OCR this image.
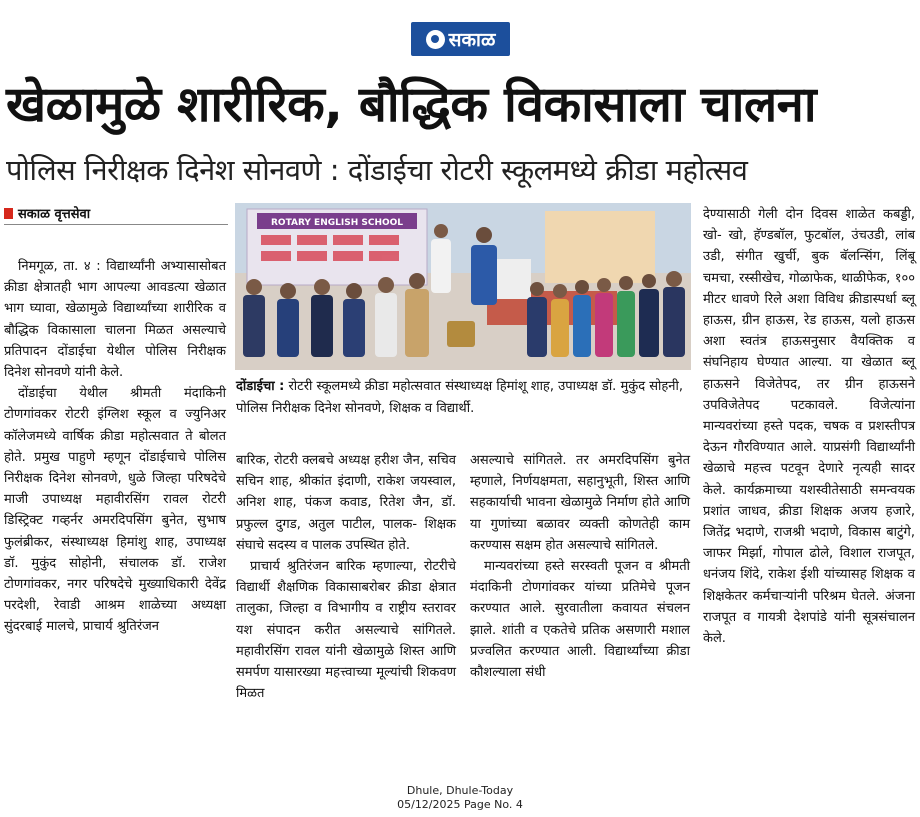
सकाळ
खेळामुळे शारीरिक, बौद्धिक विकासाला चालना
पोलिस निरीक्षक दिनेश सोनवणे : दोंडाईचा रोटरी स्कूलमध्ये क्रीडा महोत्सव
सकाळ वृत्तसेवा

निमगूळ, ता. ४ : विद्यार्थ्यांनी अभ्यासासोबत क्रीडा क्षेत्रातही भाग आपल्या आवडत्या खेळात भाग घ्यावा, खेळामुळे विद्यार्थ्यांच्या शारीरिक व बौद्धिक विकासाला चालना मिळत असल्याचे प्रतिपादन दोंडाईचा येथील पोलिस निरीक्षक दिनेश सोनवणे यांनी केले.

दोंडाईचा येथील श्रीमती मंदाकिनी टोणगांवकर रोटरी इंग्लिश स्कूल व ज्युनिअर कॉलेजमध्ये वार्षिक क्रीडा महोत्सवात ते बोलत होते. प्रमुख पाहुणे म्हणून दोंडाईचाचे पोलिस निरीक्षक दिनेश सोनवणे, धुळे जिल्हा परिषदेचे माजी उपाध्यक्ष महावीरसिंग रावल रोटरी डिस्ट्रिक्ट गव्हर्नर अमरदिपसिंग बुनेत, सुभाष फुलंब्रीकर, संस्थाध्यक्ष हिमांशु शाह, उपाध्यक्ष डॉ. मुकुंद सोहोनी, संचालक डॉ. राजेश टोणगांवकर, नगर परिषदेचे मुख्याधिकारी देवेंद्र परदेशी, रेवाडी आश्रम शाळेच्या अध्यक्षा सुंदरबाई मालचे, प्राचार्य श्रुतिरंजन

ROTARY ENGLISH SCHOOL
दोंडाईचा : रोटरी स्कूलमध्ये क्रीडा महोत्सवात संस्थाध्यक्ष हिमांशू शाह, उपाध्यक्ष डॉ. मुकुंद सोहनी, पोलिस निरीक्षक दिनेश सोनवणे, शिक्षक व विद्यार्थी.

बारिक, रोटरी क्लबचे अध्यक्ष हरीश जैन, सचिव सचिन शाह, श्रीकांत इंदाणी, राकेश जयस्वाल, अनिश शाह, पंकज कवाड, रितेश जैन, डॉ. प्रफुल्ल दुगड, अतुल पाटील, पालक- शिक्षक संघाचे सदस्य व पालक उपस्थित होते.

प्राचार्य श्रुतिरंजन बारिक म्हणाल्या, रोटरीचे विद्यार्थी शैक्षणिक विकासाबरोबर क्रीडा क्षेत्रात तालुका, जिल्हा व विभागीय व राष्ट्रीय स्तरावर यश संपादन करीत असल्याचे सांगितले. महावीरसिंग रावल यांनी खेळामुळे शिस्त आणि समर्पण यासारख्या महत्त्वाच्या मूल्यांची शिकवण मिळत

असल्याचे सांगितले. तर अमरदिपसिंग बुनेत म्हणाले, निर्णयक्षमता, सहानुभूती, शिस्त आणि सहकार्याची भावना खेळामुळे निर्माण होते आणि या गुणांच्या बळावर व्यक्ती कोणतेही काम करण्यास सक्षम होत असल्याचे सांगितले.

मान्यवरांच्या हस्ते सरस्वती पूजन व श्रीमती मंदाकिनी टोणगांवकर यांच्या प्रतिमेचे पूजन करण्यात आले. सुरवातीला कवायत संचलन झाले. शांती व एकतेचे प्रतिक असणारी मशाल प्रज्वलित करण्यात आली. विद्यार्थ्यांच्या क्रीडा कौशल्याला संधी

देण्यासाठी गेली दोन दिवस शाळेत कबड्डी, खो- खो, हॅण्डबॉल, फुटबॉल, उंचउडी, लांब उडी, संगीत खुर्ची, बुक बॅलन्सिंग, लिंबू चमचा, रस्सीखेच, गोळाफेक, थाळीफेक, १०० मीटर धावणे रिले अशा विविध क्रीडास्पर्धा ब्लू हाऊस, ग्रीन हाऊस, रेड हाऊस, यलो हाऊस अशा स्वतंत्र हाऊसनुसार वैयक्तिक व संघनिहाय घेण्यात आल्या. या खेळात ब्लू हाऊसने विजेतेपद, तर ग्रीन हाऊसने उपविजेतेपद पटकावले. विजेत्यांना मान्यवरांच्या हस्ते पदक, चषक व प्रशस्तीपत्र देऊन गौरविण्यात आले. याप्रसंगी विद्यार्थ्यांनी खेळाचे महत्त्व पटवून देणारे नृत्यही सादर केले. कार्यक्रमाच्या यशस्वीतेसाठी समन्वयक प्रशांत जाधव, क्रीडा शिक्षक अजय हजारे, जितेंद्र भदाणे, राजश्री भदाणे, विकास बाटुंगे, जाफर मिर्झा, गोपाल ढोले, विशाल राजपूत, धनंजय शिंदे, राकेश ईशी यांच्यासह शिक्षक व शिक्षकेतर कर्मचाऱ्यांनी परिश्रम घेतले. अंजना राजपूत व गायत्री देशपांडे यांनी सूत्रसंचालन केले.

Dhule, Dhule-Today
05/12/2025 Page No. 4
